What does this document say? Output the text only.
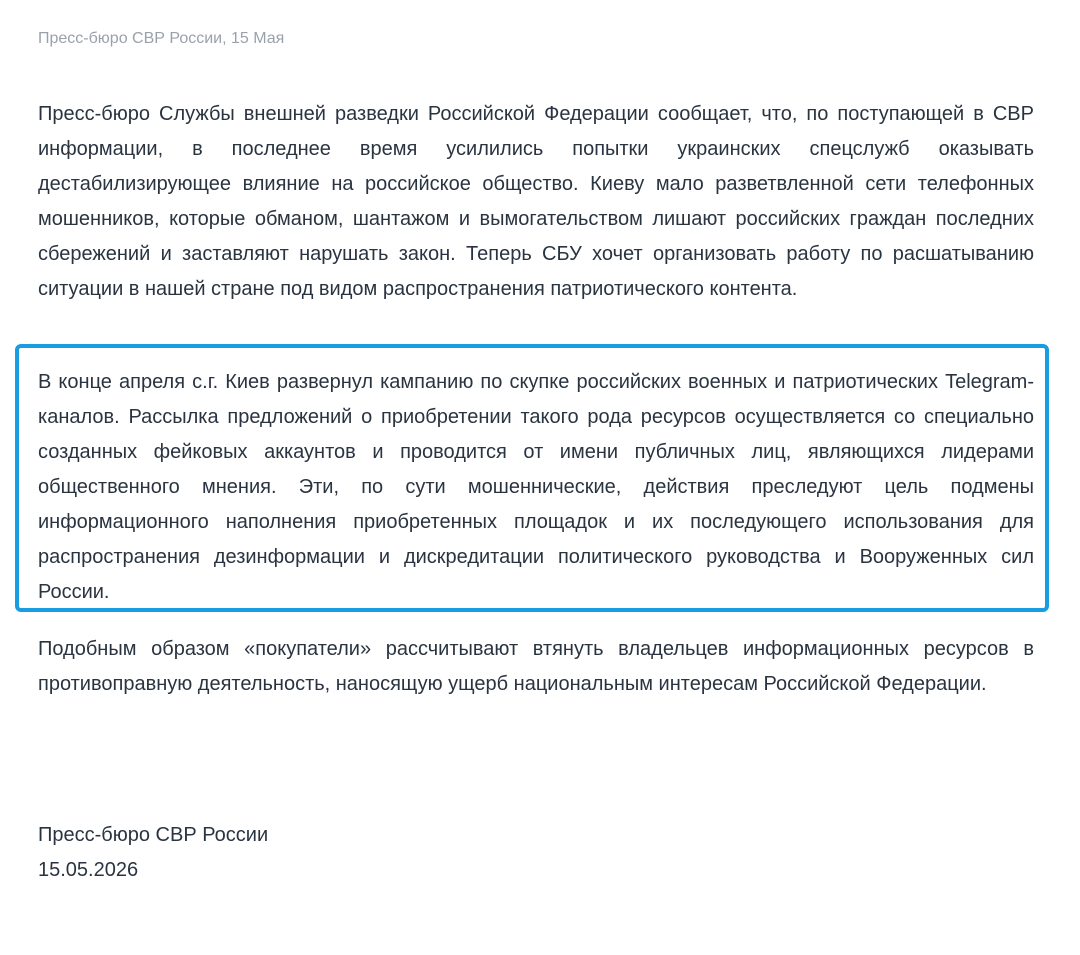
Пресс-бюро СВР России, 15 Мая

Пресс-бюро Службы внешней разведки Российской Федерации сообщает, что, по поступающей в СВР информации, в последнее время усилились попытки украинских спецслужб оказывать дестабилизирующее влияние на российское общество. Киеву мало разветвленной сети телефонных мошенников, которые обманом, шантажом и вымогательством лишают российских граждан последних сбережений и заставляют нарушать закон. Теперь СБУ хочет организовать работу по расшатыванию ситуации в нашей стране под видом распространения патриотического контента.

В конце апреля с.г. Киев развернул кампанию по скупке российских военных и патриотических Telegram-каналов. Рассылка предложений о приобретении такого рода ресурсов осуществляется со специально созданных фейковых аккаунтов и проводится от имени публичных лиц, являющихся лидерами общественного мнения. Эти, по сути мошеннические, действия преследуют цель подмены информационного наполнения приобретенных площадок и их последующего использования для распространения дезинформации и дискредитации политического руководства и Вооруженных сил России.

Подобным образом «покупатели» рассчитывают втянуть владельцев информационных ресурсов в противоправную деятельность, наносящую ущерб национальным интересам Российской Федерации.

Пресс-бюро СВР России
15.05.2026
